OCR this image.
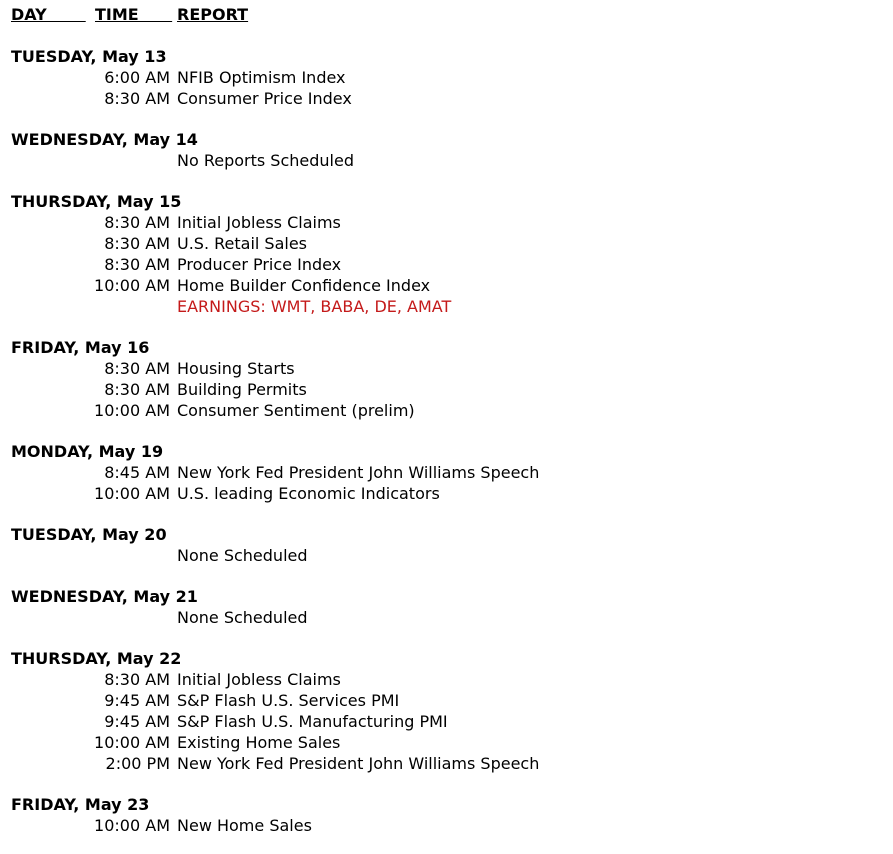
DAY TIME REPORT
TUESDAY, May 13
6:00 AM NFIB Optimism Index
8:30 AM Consumer Price Index
WEDNESDAY, May 14
No Reports Scheduled
THURSDAY, May 15
8:30 AM Initial Jobless Claims
8:30 AM U.S. Retail Sales
8:30 AM Producer Price Index
10:00 AM Home Builder Confidence Index
EARNINGS: WMT, BABA, DE, AMAT
FRIDAY, May 16
8:30 AM Housing Starts
8:30 AM Building Permits
10:00 AM Consumer Sentiment (prelim)
MONDAY, May 19
8:45 AM New York Fed President John Williams Speech
10:00 AM U.S. leading Economic Indicators
TUESDAY, May 20
None Scheduled
WEDNESDAY, May 21
None Scheduled
THURSDAY, May 22
8:30 AM Initial Jobless Claims
9:45 AM S&P Flash U.S. Services PMI
9:45 AM S&P Flash U.S. Manufacturing PMI
10:00 AM Existing Home Sales
2:00 PM New York Fed President John Williams Speech
FRIDAY, May 23
10:00 AM New Home Sales
